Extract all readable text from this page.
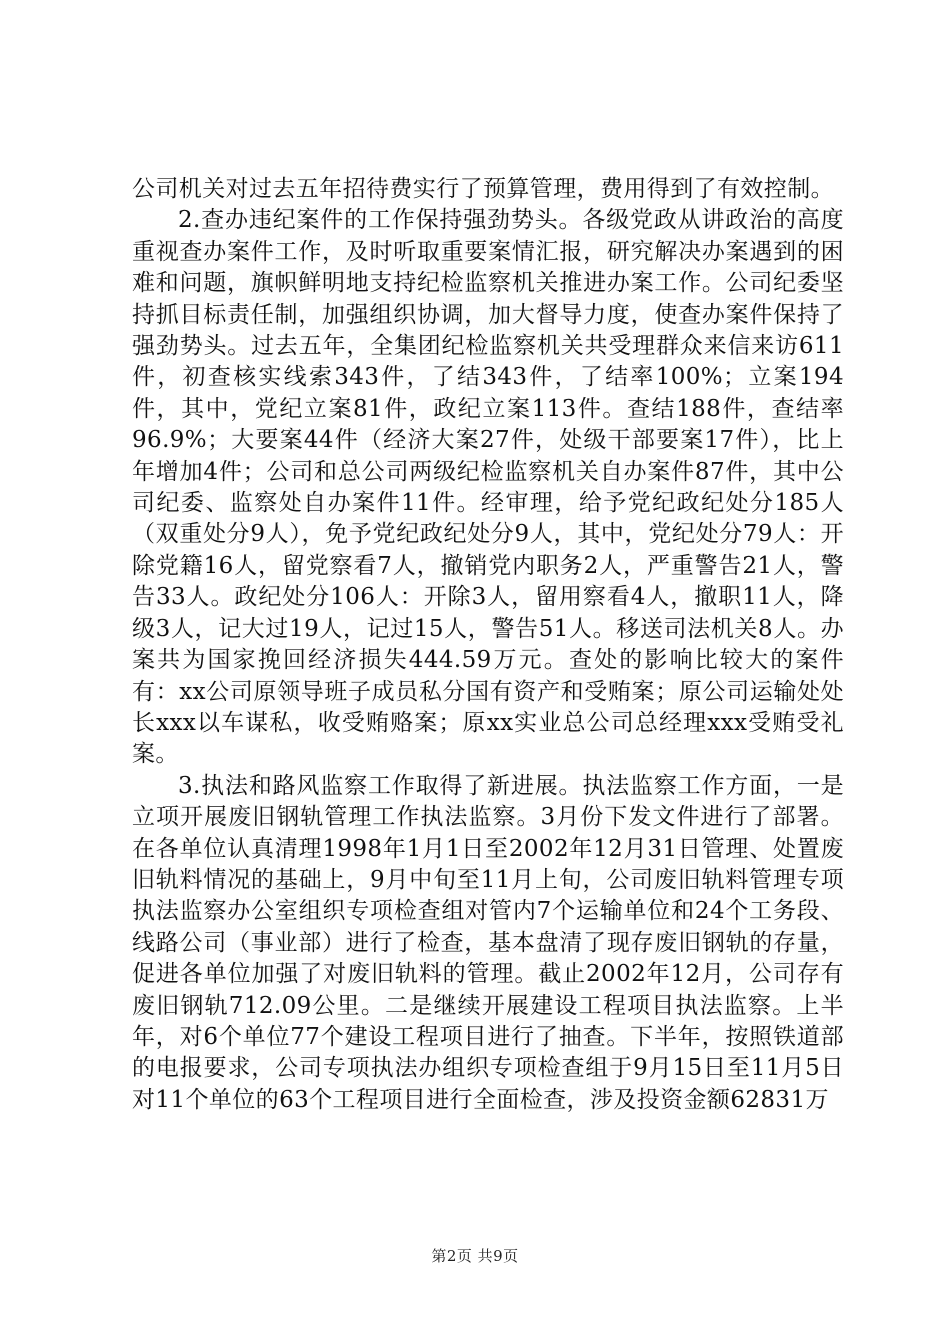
公司机关对过去五年招待费实行了预算管理，费用得到了有效控制。

2.查办违纪案件的工作保持强劲势头。各级党政从讲政治的高度重视查办案件工作，及时听取重要案情汇报，研究解决办案遇到的困难和问题，旗帜鲜明地支持纪检监察机关推进办案工作。公司纪委坚持抓目标责任制，加强组织协调，加大督导力度，使查办案件保持了强劲势头。过去五年，全集团纪检监察机关共受理群众来信来访611件，初查核实线索343件，了结343件，了结率100%；立案194件，其中，党纪立案81件，政纪立案113件。查结188件，查结率96.9%；大要案44件（经济大案27件，处级干部要案17件），比上年增加4件；公司和总公司两级纪检监察机关自办案件87件，其中公司纪委、监察处自办案件11件。经审理，给予党纪政纪处分185人（双重处分9人），免予党纪政纪处分9人，其中，党纪处分79人：开除党籍16人，留党察看7人，撤销党内职务2人，严重警告21人，警告33人。政纪处分106人：开除3人，留用察看4人，撤职11人，降级3人，记大过19人，记过15人，警告51人。移送司法机关8人。办案共为国家挽回经济损失444.59万元。查处的影响比较大的案件有：xx公司原领导班子成员私分国有资产和受贿案；原公司运输处处长xxx以车谋私，收受贿赂案；原xx实业总公司总经理xxx受贿受礼案。

3.执法和路风监察工作取得了新进展。执法监察工作方面，一是立项开展废旧钢轨管理工作执法监察。3月份下发文件进行了部署。在各单位认真清理1998年1月1日至2002年12月31日管理、处置废旧轨料情况的基础上，9月中旬至11月上旬，公司废旧轨料管理专项执法监察办公室组织专项检查组对管内7个运输单位和24个工务段、线路公司（事业部）进行了检查，基本盘清了现存废旧钢轨的存量，促进各单位加强了对废旧轨料的管理。截止2002年12月，公司存有废旧钢轨712.09公里。二是继续开展建设工程项目执法监察。上半年，对6个单位77个建设工程项目进行了抽查。下半年，按照铁道部的电报要求，公司专项执法办组织专项检查组于9月15日至11月5日对11个单位的63个工程项目进行全面检查，涉及投资金额62831万

第2页 共9页
